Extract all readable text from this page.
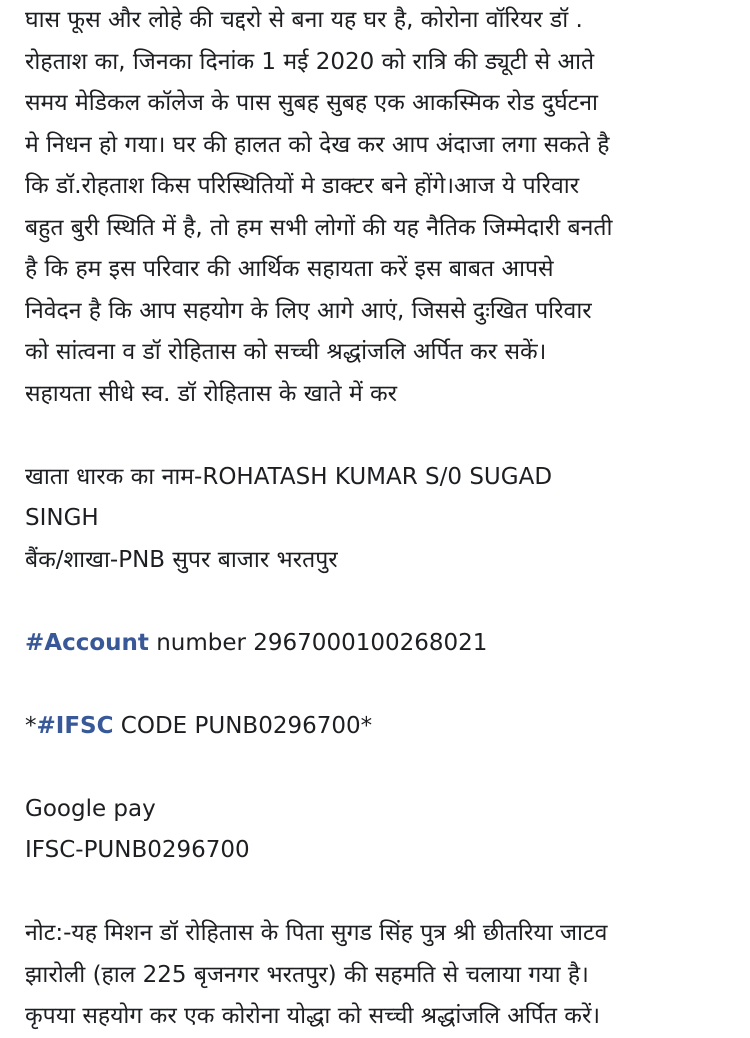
घास फूस और लोहे की चद्दरो से बना यह घर है, कोरोना वॉरियर डॉ .
रोहताश का, जिनका दिनांक 1 मई 2020 को रात्रि की ड्यूटी से आते
समय मेडिकल कॉलेज के पास सुबह सुबह एक आकस्मिक रोड दुर्घटना
मे निधन हो गया। घर की हालत को देख कर आप अंदाजा लगा सकते है
कि डॉ.रोहताश किस परिस्थितियों मे डाक्टर बने होंगे।आज ये परिवार
बहुत बुरी स्थिति में है, तो हम सभी लोगों की यह नैतिक जिम्मेदारी बनती
है कि हम इस परिवार की आर्थिक सहायता करें इस बाबत आपसे
निवेदन है कि आप सहयोग के लिए आगे आएं, जिससे दुःखित परिवार
को सांत्वना व डॉ रोहितास को सच्ची श्रद्धांजलि अर्पित कर सकें।
सहायता सीधे स्व. डॉ रोहितास के खाते में कर
खाता धारक का नाम-ROHATASH KUMAR S/0 SUGAD
SINGH
बैंक/शाखा-PNB सुपर बाजार भरतपुर
#Account number 2967000100268021
*#IFSC CODE PUNB0296700*
Google pay
IFSC-PUNB0296700
नोट:-यह मिशन डॉ रोहितास के पिता सुगड सिंह पुत्र श्री छीतरिया जाटव
झारोली (हाल 225 बृजनगर भरतपुर) की सहमति से चलाया गया है।
कृपया सहयोग कर एक कोरोना योद्धा को सच्ची श्रद्धांजलि अर्पित करें।
